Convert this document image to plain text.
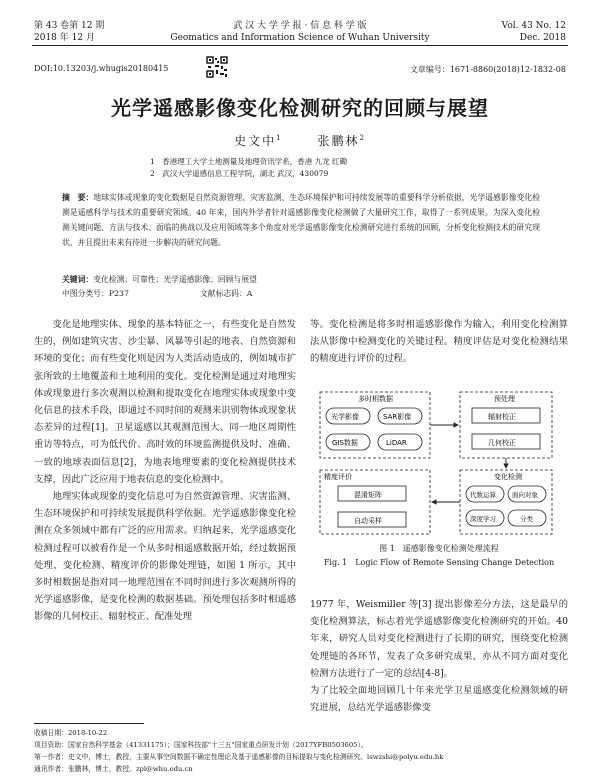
第 43 卷第 12 期
2018 年 12 月
武 汉 大 学 学 报 · 信 息 科 学 版
Geomatics and Information Science of Wuhan University
Vol. 43 No. 12
Dec. 2018
DOI:10.13203/j.whugis20180415	文章编号：1671-8860(2018)12-1832-08
光学遥感影像变化检测研究的回顾与展望
史文中$^1$	张鹏林$^2$
1　香港理工大学土地测量及地理资讯学系，香港 九龙 红磡
2　武汉大学遥感信息工程学院，湖北 武汉，430079
摘　要：地球实体或现象的变化数据是自然资源管理、灾害监测、生态环境保护和可持续发展等的重要科学分析依据，光学遥感影像变化检测是遥感科学与技术的重要研究领域。40 年来，国内外学者针对遥感影像变化检测做了大量研究工作，取得了一系列成果。为深入变化检测关键问题、方法与技术、面临的挑战以及应用领域等多个角度对光学遥感影像变化检测研究进行系统的回顾，分析变化检测技术的研究现状，并且提出未来有待进一步解决的研究问题。
关键词：变化检测；可靠性；光学遥感影像；回顾与展望
中图分类号：P237	文献标志码：A

变化是地理实体、现象的基本特征之一，有些变化是自然发生的，例如建筑灾害、沙尘暴、风暴等引起的地表、自然资源和环境的变化；而有些变化则是因为人类活动造成的，例如城市扩张所致的土地覆盖和土地利用的变化。变化检测是通过对地理实体或现象进行多次观测以检测和提取变化在地理实体或现象中变化信息的技术手段，即通过不同时间的观测来识别物体或现象状态差异的过程[1]。卫星遥感以其观测范围大、同一地区周期性重访等特点，可为低代价、高时效的环境监测提供及时、准确、一致的地球表面信息[2]，为地表地理要素的变化检测提供技术支撑，因此广泛应用于地表信息的变化检测中。

地理实体或现象的变化信息可为自然资源管理、灾害监测、生态环境保护和可持续发展提供科学依据。光学遥感影像变化检测在众多领域中都有广泛的应用需求。归纳起来，光学遥感变化检测过程可以被看作是一个从多时相遥感数据开始，经过数据预处理、变化检测、精度评价的影像处理链，如图 1 所示，其中多时相数据是指对同一地理范围在不同时间进行多次观测所得的光学遥感影像，是变化检测的数据基础。预处理包括多时相遥感影像的几何校正、辐射校正、配准处理

等。变化检测是将多时相遥感影像作为输入，利用变化检测算法从影像中检测变化的关键过程。精度评估是对变化检测结果的精度进行评价的过程。

多时相数据
光学影像	SAR影像
GIS数据	LiDAR
预处理
辐射校正
几何校正
精度评价
混淆矩阵
自动采样
变化检测
代数运算 面向对象
深度学习	分类
图 1　遥感影像变化检测处理流程
Fig. 1　Logic Flow of Remote Sensing Change Detection

1977 年，Weismiller 等[3] 提出影像差分方法，这是最早的变化检测算法，标志着光学遥感影像变化检测研究的开始。40 年来，研究人员对变化检测进行了长期的研究，围绕变化检测处理链的各环节，发表了众多研究成果，亦从不同方面对变化检测方法进行了一定的总结[4-8]。

为了比较全面地回顾几十年来光学卫星遥感变化检测领域的研究进展，总结光学遥感影像变

收稿日期：2018-10-22
项目资助：国家自然科学基金（41331175）；国家科技部"十三五"国家重点研发计划（2017YFB0503605）。
第一作者：史文中，博士，教授，主要从事空间数据不确定性理论及基于遥感影像的目标提取与变化检测研究。lswzshi@polyu.edu.hk
通讯作者：张鹏林，博士，教授。zpl@whu.edu.cn
